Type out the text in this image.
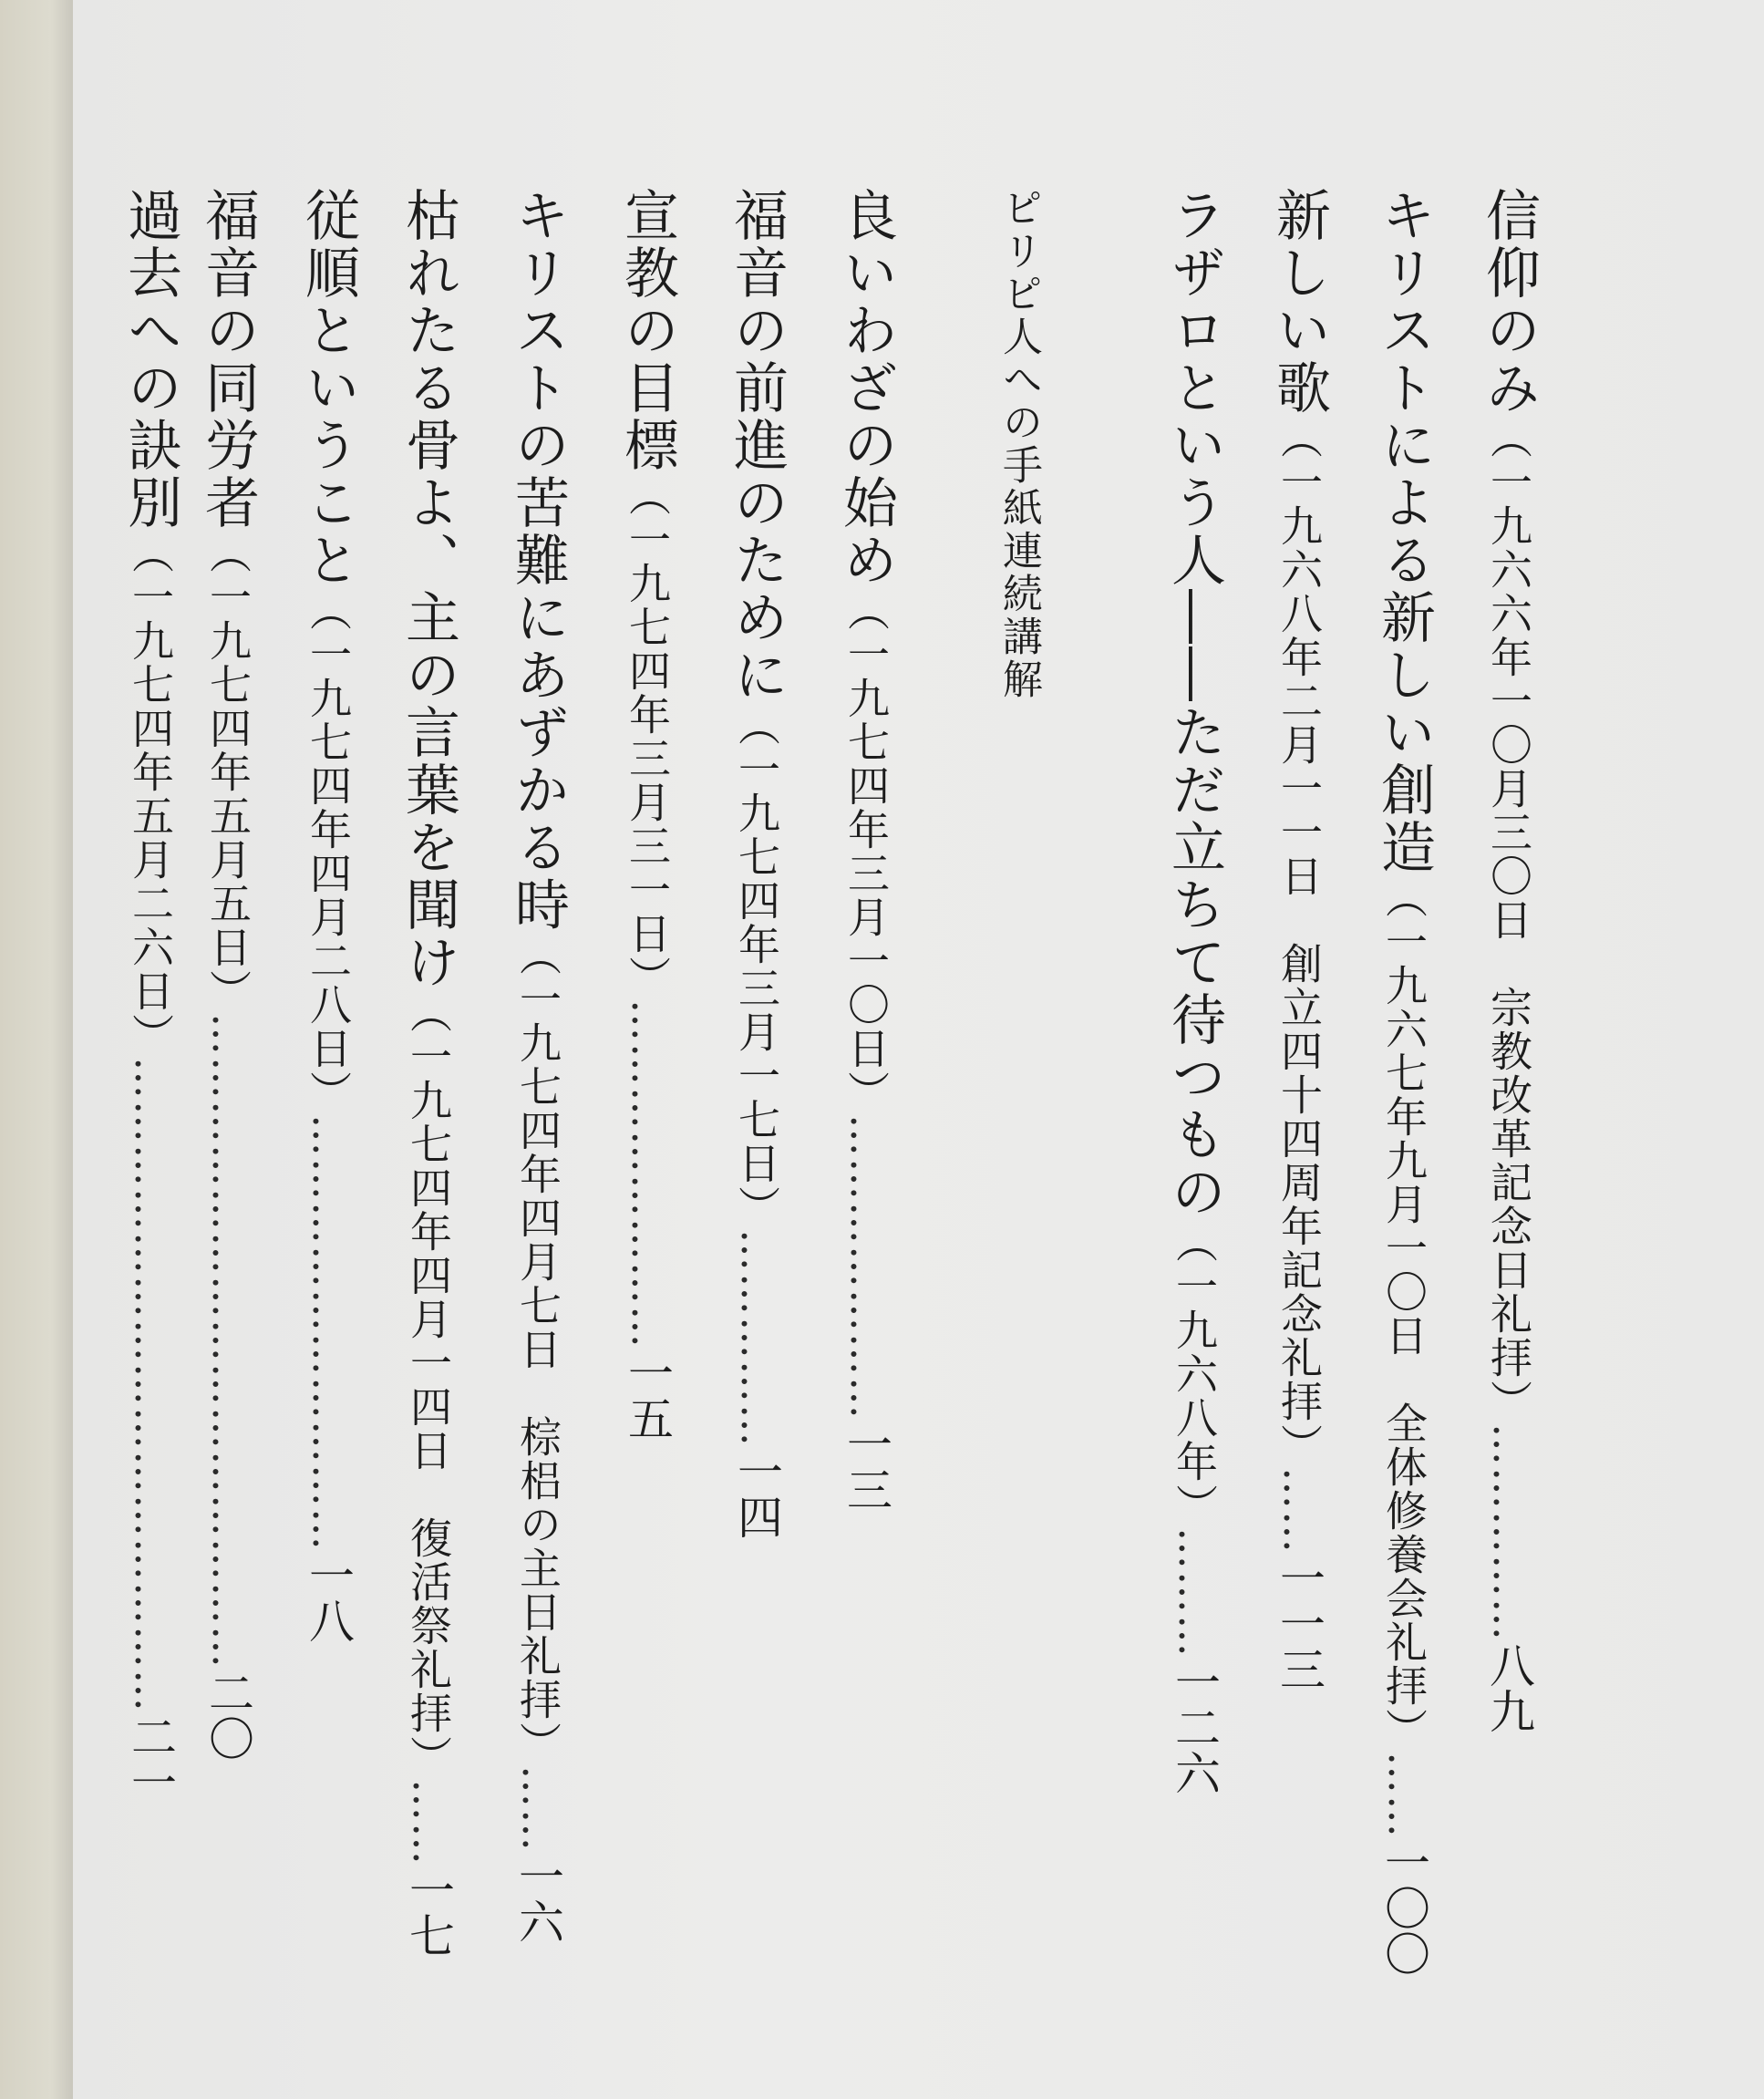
信仰のみ（一九六六年一〇月三〇日　宗教改革記念日礼拝）……………八九
キリストによる新しい創造（一九六七年九月一〇日　全体修養会礼拝）……一〇〇
新しい歌（一九六八年二月一一日　創立四十四周年記念礼拝）……一一三
ラザロという人――ただ立ちて待つもの（一九六八年）………一二六
ピリピ人への手紙連続講解
良いわざの始め（一九七四年三月一〇日）…………………一三
福音の前進のために（一九七四年三月一七日）……………一四
宣教の目標（一九七四年三月三一日）……………………一五
キリストの苦難にあずかる時（一九七四年四月七日　棕梠の主日礼拝）……一六
枯れたる骨よ、主の言葉を聞け（一九七四年四月一四日　復活祭礼拝）……一七
従順ということ（一九七四年四月二八日）…………………………一八
福音の同労者（一九七四年五月五日）………………………………………二〇
過去への訣別（一九七四年五月二六日）………………………………………二一
